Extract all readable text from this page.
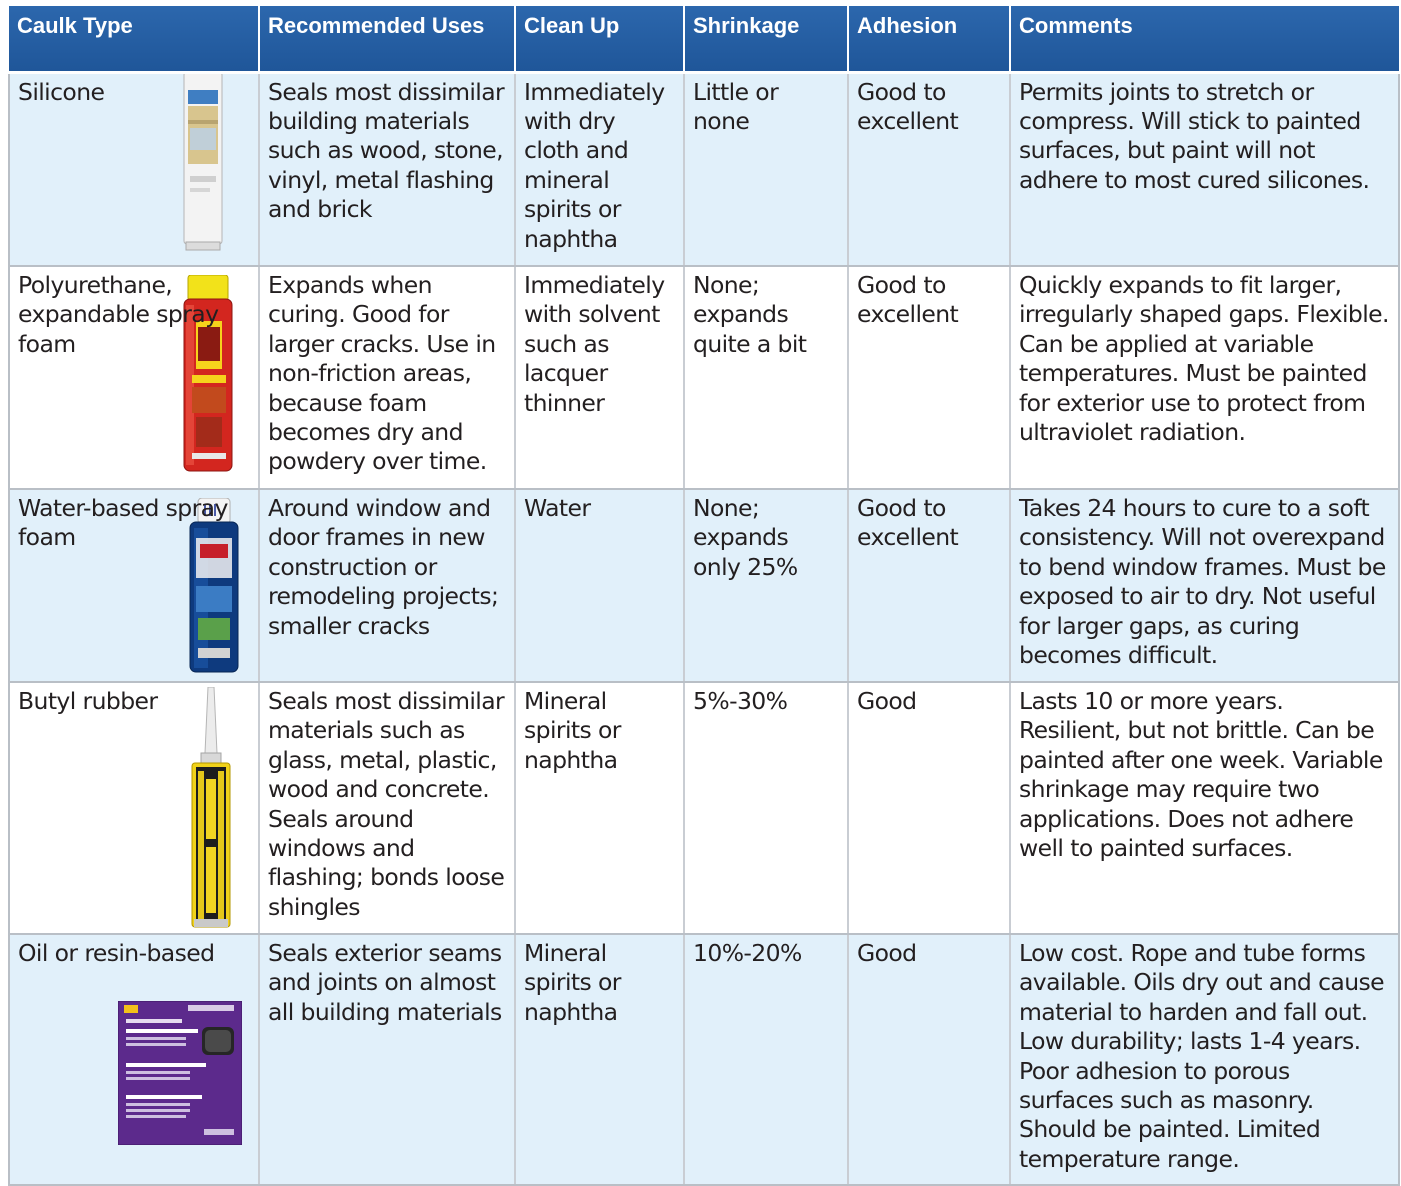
Caulk Type	Recommended Uses	Clean Up	Shrinkage	Adhesion	Comments

Silicone	Seals most dissimilar building materials such as wood, stone, vinyl, metal flashing and brick	Immediately with dry cloth and mineral spirits or naphtha	Little or none	Good to excellent	Permits joints to stretch or compress. Will stick to painted surfaces, but paint will not adhere to most cured silicones.

Polyurethane, expandable spray foam	Expands when curing. Good for larger cracks. Use in non-friction areas, because foam becomes dry and powdery over time.	Immediately with solvent such as lacquer thinner	None; expands quite a bit	Good to excellent	Quickly expands to fit larger, irregularly shaped gaps. Flexible. Can be applied at variable temperatures. Must be painted for exterior use to protect from ultraviolet radiation.

Water-based spray foam	Around window and door frames in new construction or remodeling projects; smaller cracks	Water	None; expands only 25%	Good to excellent	Takes 24 hours to cure to a soft consistency. Will not overexpand to bend window frames. Must be exposed to air to dry. Not useful for larger gaps, as curing becomes difficult.

Butyl rubber	Seals most dissimilar materials such as glass, metal, plastic, wood and concrete. Seals around windows and flashing; bonds loose shingles	Mineral spirits or naphtha	5%-30%	Good	Lasts 10 or more years. Resilient, but not brittle. Can be painted after one week. Variable shrinkage may require two applications. Does not adhere well to painted surfaces.

Oil or resin-based	Seals exterior seams and joints on almost all building materials	Mineral spirits or naphtha	10%-20%	Good	Low cost. Rope and tube forms available. Oils dry out and cause material to harden and fall out. Low durability; lasts 1-4 years. Poor adhesion to porous surfaces such as masonry. Should be painted. Limited temperature range.
